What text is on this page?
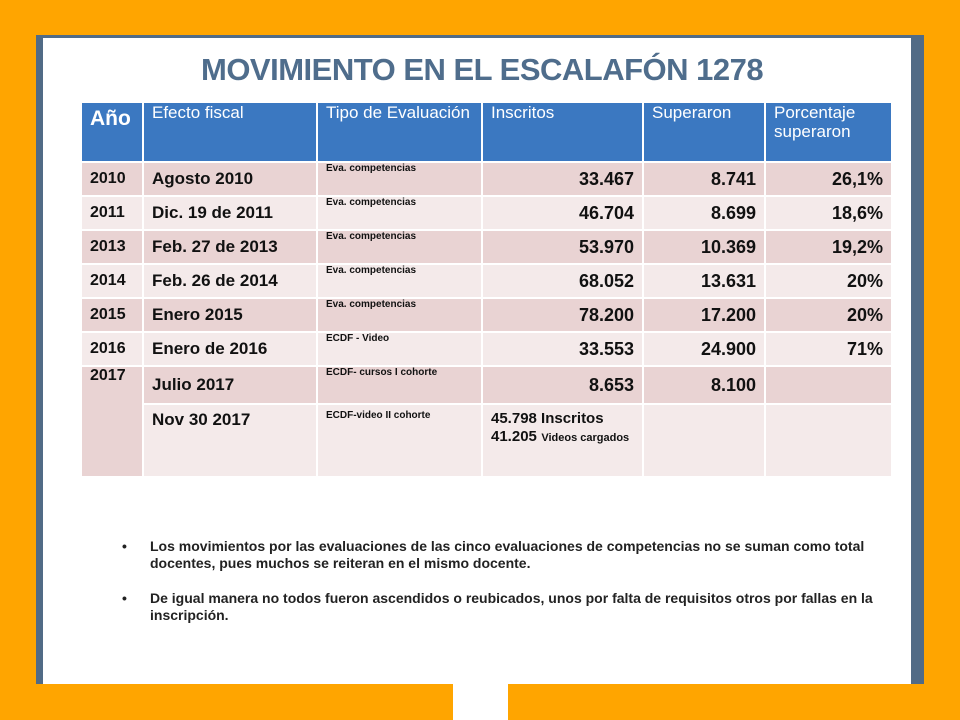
MOVIMIENTO EN EL ESCALAFÓN 1278
Año	Efecto fiscal	Tipo de Evaluación	Inscritos	Superaron	Porcentaje superaron
2010	Agosto 2010	Eva. competencias	33.467	8.741	26,1%
2011	Dic. 19 de 2011	Eva. competencias	46.704	8.699	18,6%
2013	Feb. 27 de 2013	Eva. competencias	53.970	10.369	19,2%
2014	Feb. 26 de 2014	Eva. competencias	68.052	13.631	20%
2015	Enero 2015	Eva. competencias	78.200	17.200	20%
2016	Enero de 2016	ECDF - Video	33.553	24.900	71%
2017	Julio 2017	ECDF- cursos I cohorte	8.653	8.100	
	Nov 30 2017	ECDF-video II cohorte	45.798 Inscritos
41.205 Videos cargados		
• Los movimientos por las evaluaciones de las cinco evaluaciones de competencias no se suman como total docentes, pues muchos se reiteran en el mismo docente.
• De igual manera no todos fueron ascendidos o reubicados, unos por falta de requisitos otros por fallas en la inscripción.
